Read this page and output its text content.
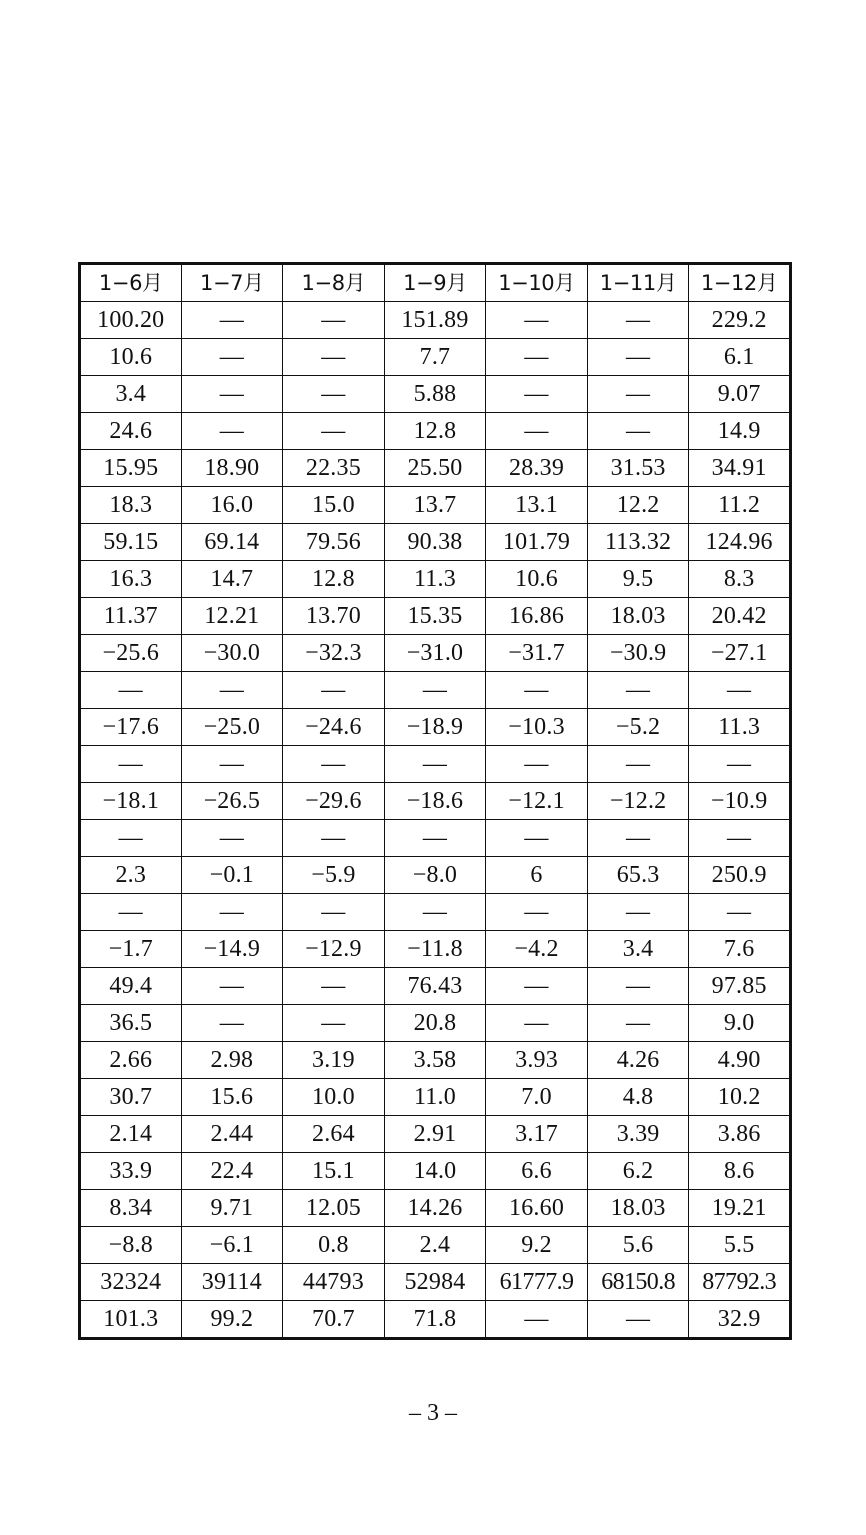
1−6月	1−7月	1−8月	1−9月	1−10月	1−11月	1−12月
100.20	—	—	151.89	—	—	229.2
10.6	—	—	7.7	—	—	6.1
3.4	—	—	5.88	—	—	9.07
24.6	—	—	12.8	—	—	14.9
15.95	18.90	22.35	25.50	28.39	31.53	34.91
18.3	16.0	15.0	13.7	13.1	12.2	11.2
59.15	69.14	79.56	90.38	101.79	113.32	124.96
16.3	14.7	12.8	11.3	10.6	9.5	8.3
11.37	12.21	13.70	15.35	16.86	18.03	20.42
−25.6	−30.0	−32.3	−31.0	−31.7	−30.9	−27.1
—	—	—	—	—	—	—
−17.6	−25.0	−24.6	−18.9	−10.3	−5.2	11.3
—	—	—	—	—	—	—
−18.1	−26.5	−29.6	−18.6	−12.1	−12.2	−10.9
—	—	—	—	—	—	—
2.3	−0.1	−5.9	−8.0	6	65.3	250.9
—	—	—	—	—	—	—
−1.7	−14.9	−12.9	−11.8	−4.2	3.4	7.6
49.4	—	—	76.43	—	—	97.85
36.5	—	—	20.8	—	—	9.0
2.66	2.98	3.19	3.58	3.93	4.26	4.90
30.7	15.6	10.0	11.0	7.0	4.8	10.2
2.14	2.44	2.64	2.91	3.17	3.39	3.86
33.9	22.4	15.1	14.0	6.6	6.2	8.6
8.34	9.71	12.05	14.26	16.60	18.03	19.21
−8.8	−6.1	0.8	2.4	9.2	5.6	5.5
32324	39114	44793	52984	61777.9	68150.8	87792.3
101.3	99.2	70.7	71.8	—	—	32.9
– 3 –
